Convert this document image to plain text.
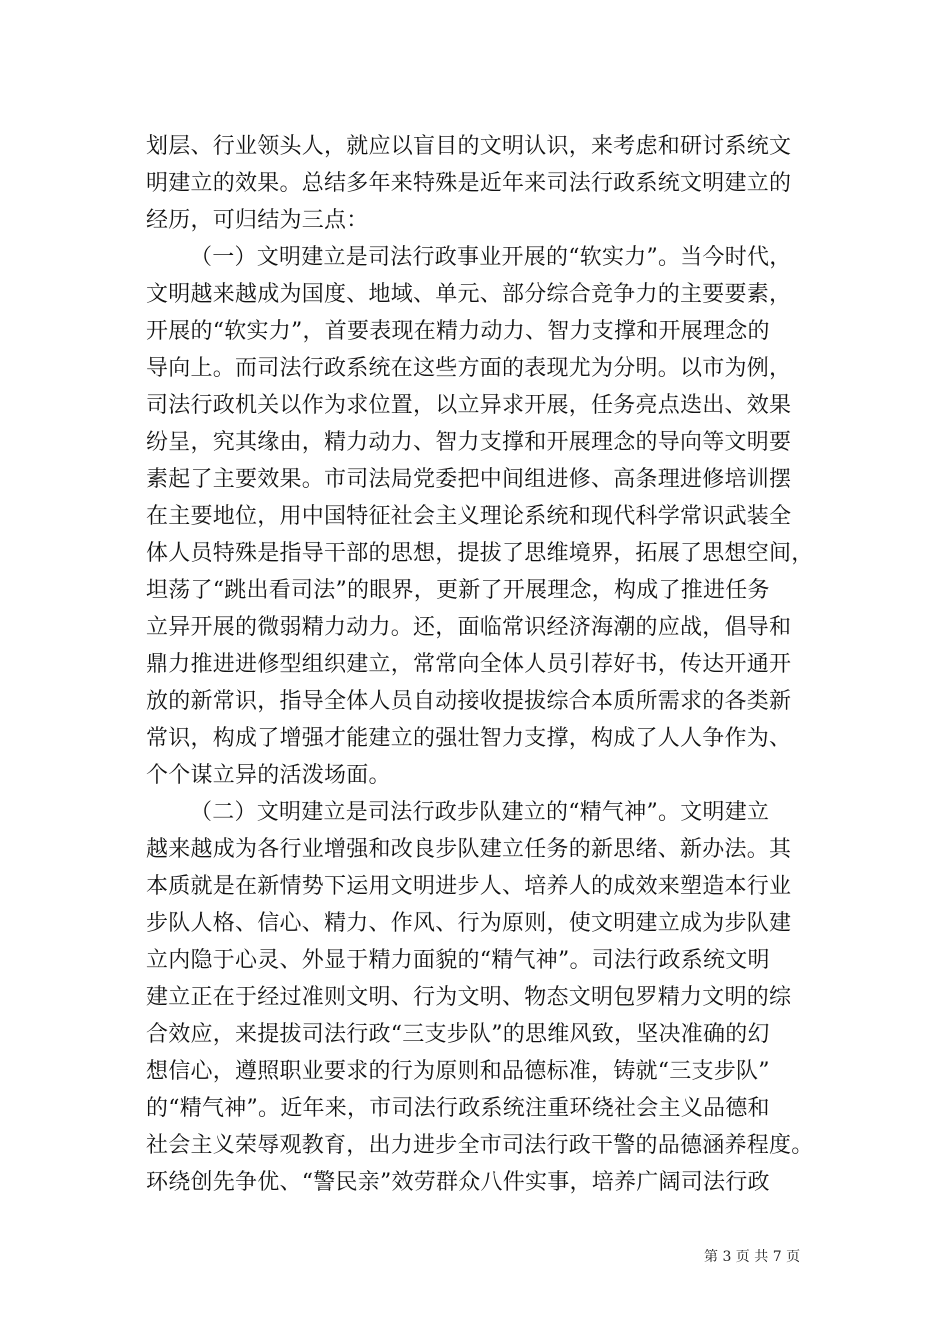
划层、行业领头人，就应以盲目的文明认识，来考虑和研讨系统文
明建立的效果。总结多年来特殊是近年来司法行政系统文明建立的
经历，可归结为三点：
（一）文明建立是司法行政事业开展的“软实力”。当今时代，
文明越来越成为国度、地域、单元、部分综合竞争力的主要要素，
开展的“软实力”，首要表现在精力动力、智力支撑和开展理念的
导向上。而司法行政系统在这些方面的表现尤为分明。以市为例，
司法行政机关以作为求位置，以立异求开展，任务亮点迭出、效果
纷呈，究其缘由，精力动力、智力支撑和开展理念的导向等文明要
素起了主要效果。市司法局党委把中间组进修、高条理进修培训摆
在主要地位，用中国特征社会主义理论系统和现代科学常识武装全
体人员特殊是指导干部的思想，提拔了思维境界，拓展了思想空间，
坦荡了“跳出看司法”的眼界，更新了开展理念，构成了推进任务
立异开展的微弱精力动力。还，面临常识经济海潮的应战，倡导和
鼎力推进进修型组织建立，常常向全体人员引荐好书，传达开通开
放的新常识，指导全体人员自动接收提拔综合本质所需求的各类新
常识，构成了增强才能建立的强壮智力支撑，构成了人人争作为、
个个谋立异的活泼场面。
（二）文明建立是司法行政步队建立的“精气神”。文明建立
越来越成为各行业增强和改良步队建立任务的新思绪、新办法。其
本质就是在新情势下运用文明进步人、培养人的成效来塑造本行业
步队人格、信心、精力、作风、行为原则，使文明建立成为步队建
立内隐于心灵、外显于精力面貌的“精气神”。司法行政系统文明
建立正在于经过准则文明、行为文明、物态文明包罗精力文明的综
合效应，来提拔司法行政“三支步队”的思维风致，坚决准确的幻
想信心，遵照职业要求的行为原则和品德标准，铸就“三支步队”
的“精气神”。近年来，市司法行政系统注重环绕社会主义品德和
社会主义荣辱观教育，出力进步全市司法行政干警的品德涵养程度。
环绕创先争优、“警民亲”效劳群众八件实事，培养广阔司法行政
第 3 页 共 7 页
